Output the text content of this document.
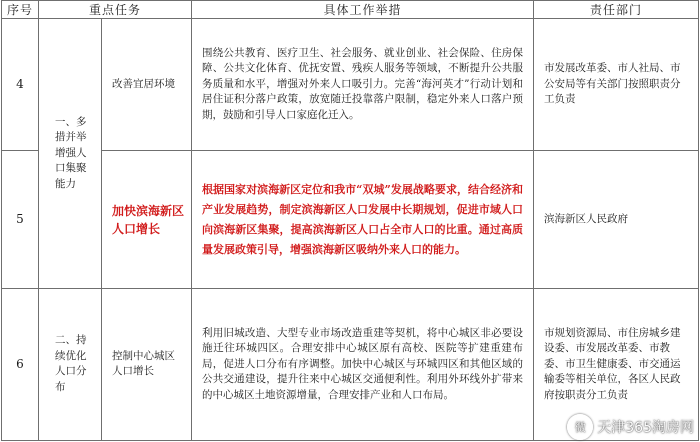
序号	重点任务		具体工作举措	责任部门
4	一、多措并举增强人口集聚能力	改善宜居环境	围绕公共教育、医疗卫生、社会服务、就业创业、社会保险、住房保障、公共文化体育、优抚安置、残疾人服务等领域，不断提升公共服务质量和水平，增强对外来人口吸引力。完善“海河英才”行动计划和居住证积分落户政策，放宽随迁投靠落户限制，稳定外来人口落户预期，鼓励和引导人口家庭化迁入。	市发展改革委、市人社局、市公安局等有关部门按照职责分工负责
5		加快滨海新区人口增长	根据国家对滨海新区定位和我市“双城”发展战略要求，结合经济和产业发展趋势，制定滨海新区人口发展中长期规划，促进市域人口向滨海新区集聚，提高滨海新区人口占全市人口的比重。通过高质量发展政策引导，增强滨海新区吸纳外来人口的能力。	滨海新区人民政府
6	二、持续优化人口分布	控制中心城区人口增长	利用旧城改造、大型专业市场改造重建等契机，将中心城区非必要设施迁往环城四区。合理安排中心城区原有高校、医院等扩建重建布局，促进人口分布有序调整。加快中心城区与环城四区和其他区域的公共交通建设，提升往来中心城区交通便利性。利用外环线外扩带来的中心城区土地资源增量，合理安排产业和人口布局。	市规划资源局、市住房城乡建设委、市发展改革委、市教委、市卫生健康委、市交通运输委等相关单位，各区人民政府按职责分工负责
微 天津365淘房网
